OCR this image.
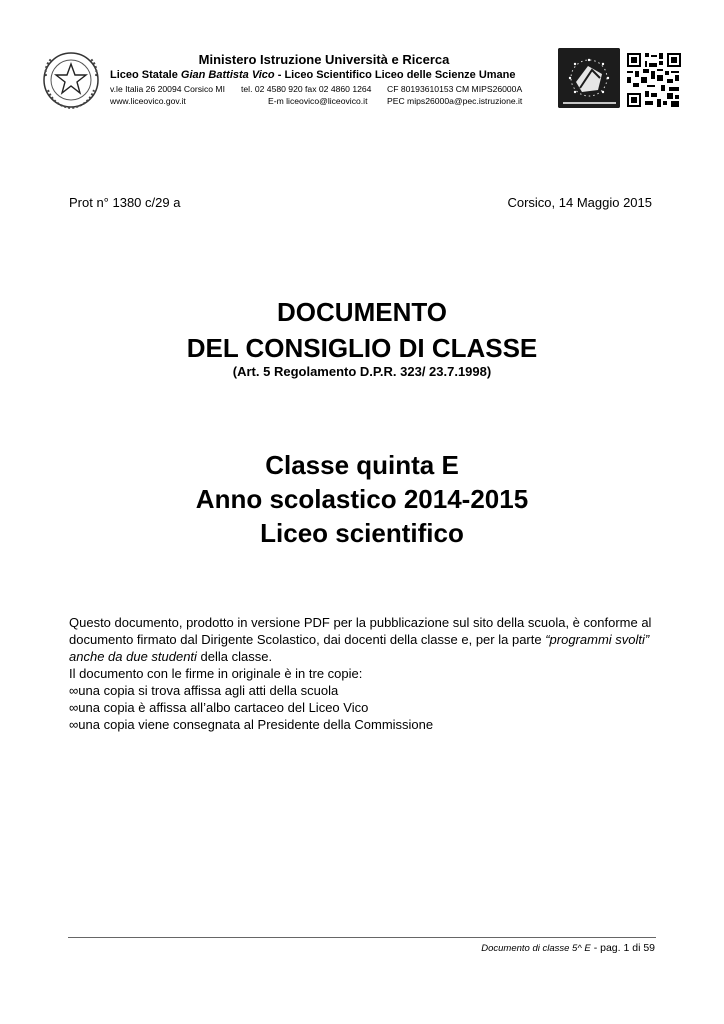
Ministero Istruzione Università e Ricerca
Liceo Statale Gian Battista Vico - Liceo Scientifico Liceo delle Scienze Umane
v.le Italia 26 20094 Corsico MI tel. 02 4580 920 fax 02 4860 1264 CF 80193610153 CM MIPS26000A
www.liceovico.gov.it	E-m liceovico@liceovico.it PEC mips26000a@pec.istruzione.it
Prot n° 1380 c/29 a	Corsico, 14 Maggio 2015
DOCUMENTO
DEL CONSIGLIO DI CLASSE
(Art. 5 Regolamento D.P.R. 323/ 23.7.1998)
Classe quinta E
Anno scolastico 2014-2015
Liceo scientifico

Questo documento, prodotto in versione PDF per la pubblicazione sul sito della scuola, è conforme al documento firmato dal Dirigente Scolastico, dai docenti della classe e, per la parte “programmi svolti” anche da due studenti della classe.

Il documento con le firme in originale è in tre copie:

∞una copia si trova affissa agli atti della scuola

∞una copia è affissa all’albo cartaceo del Liceo Vico

∞una copia viene consegnata al Presidente della Commissione

Documento di classe 5^ E - pag. 1 di 59
